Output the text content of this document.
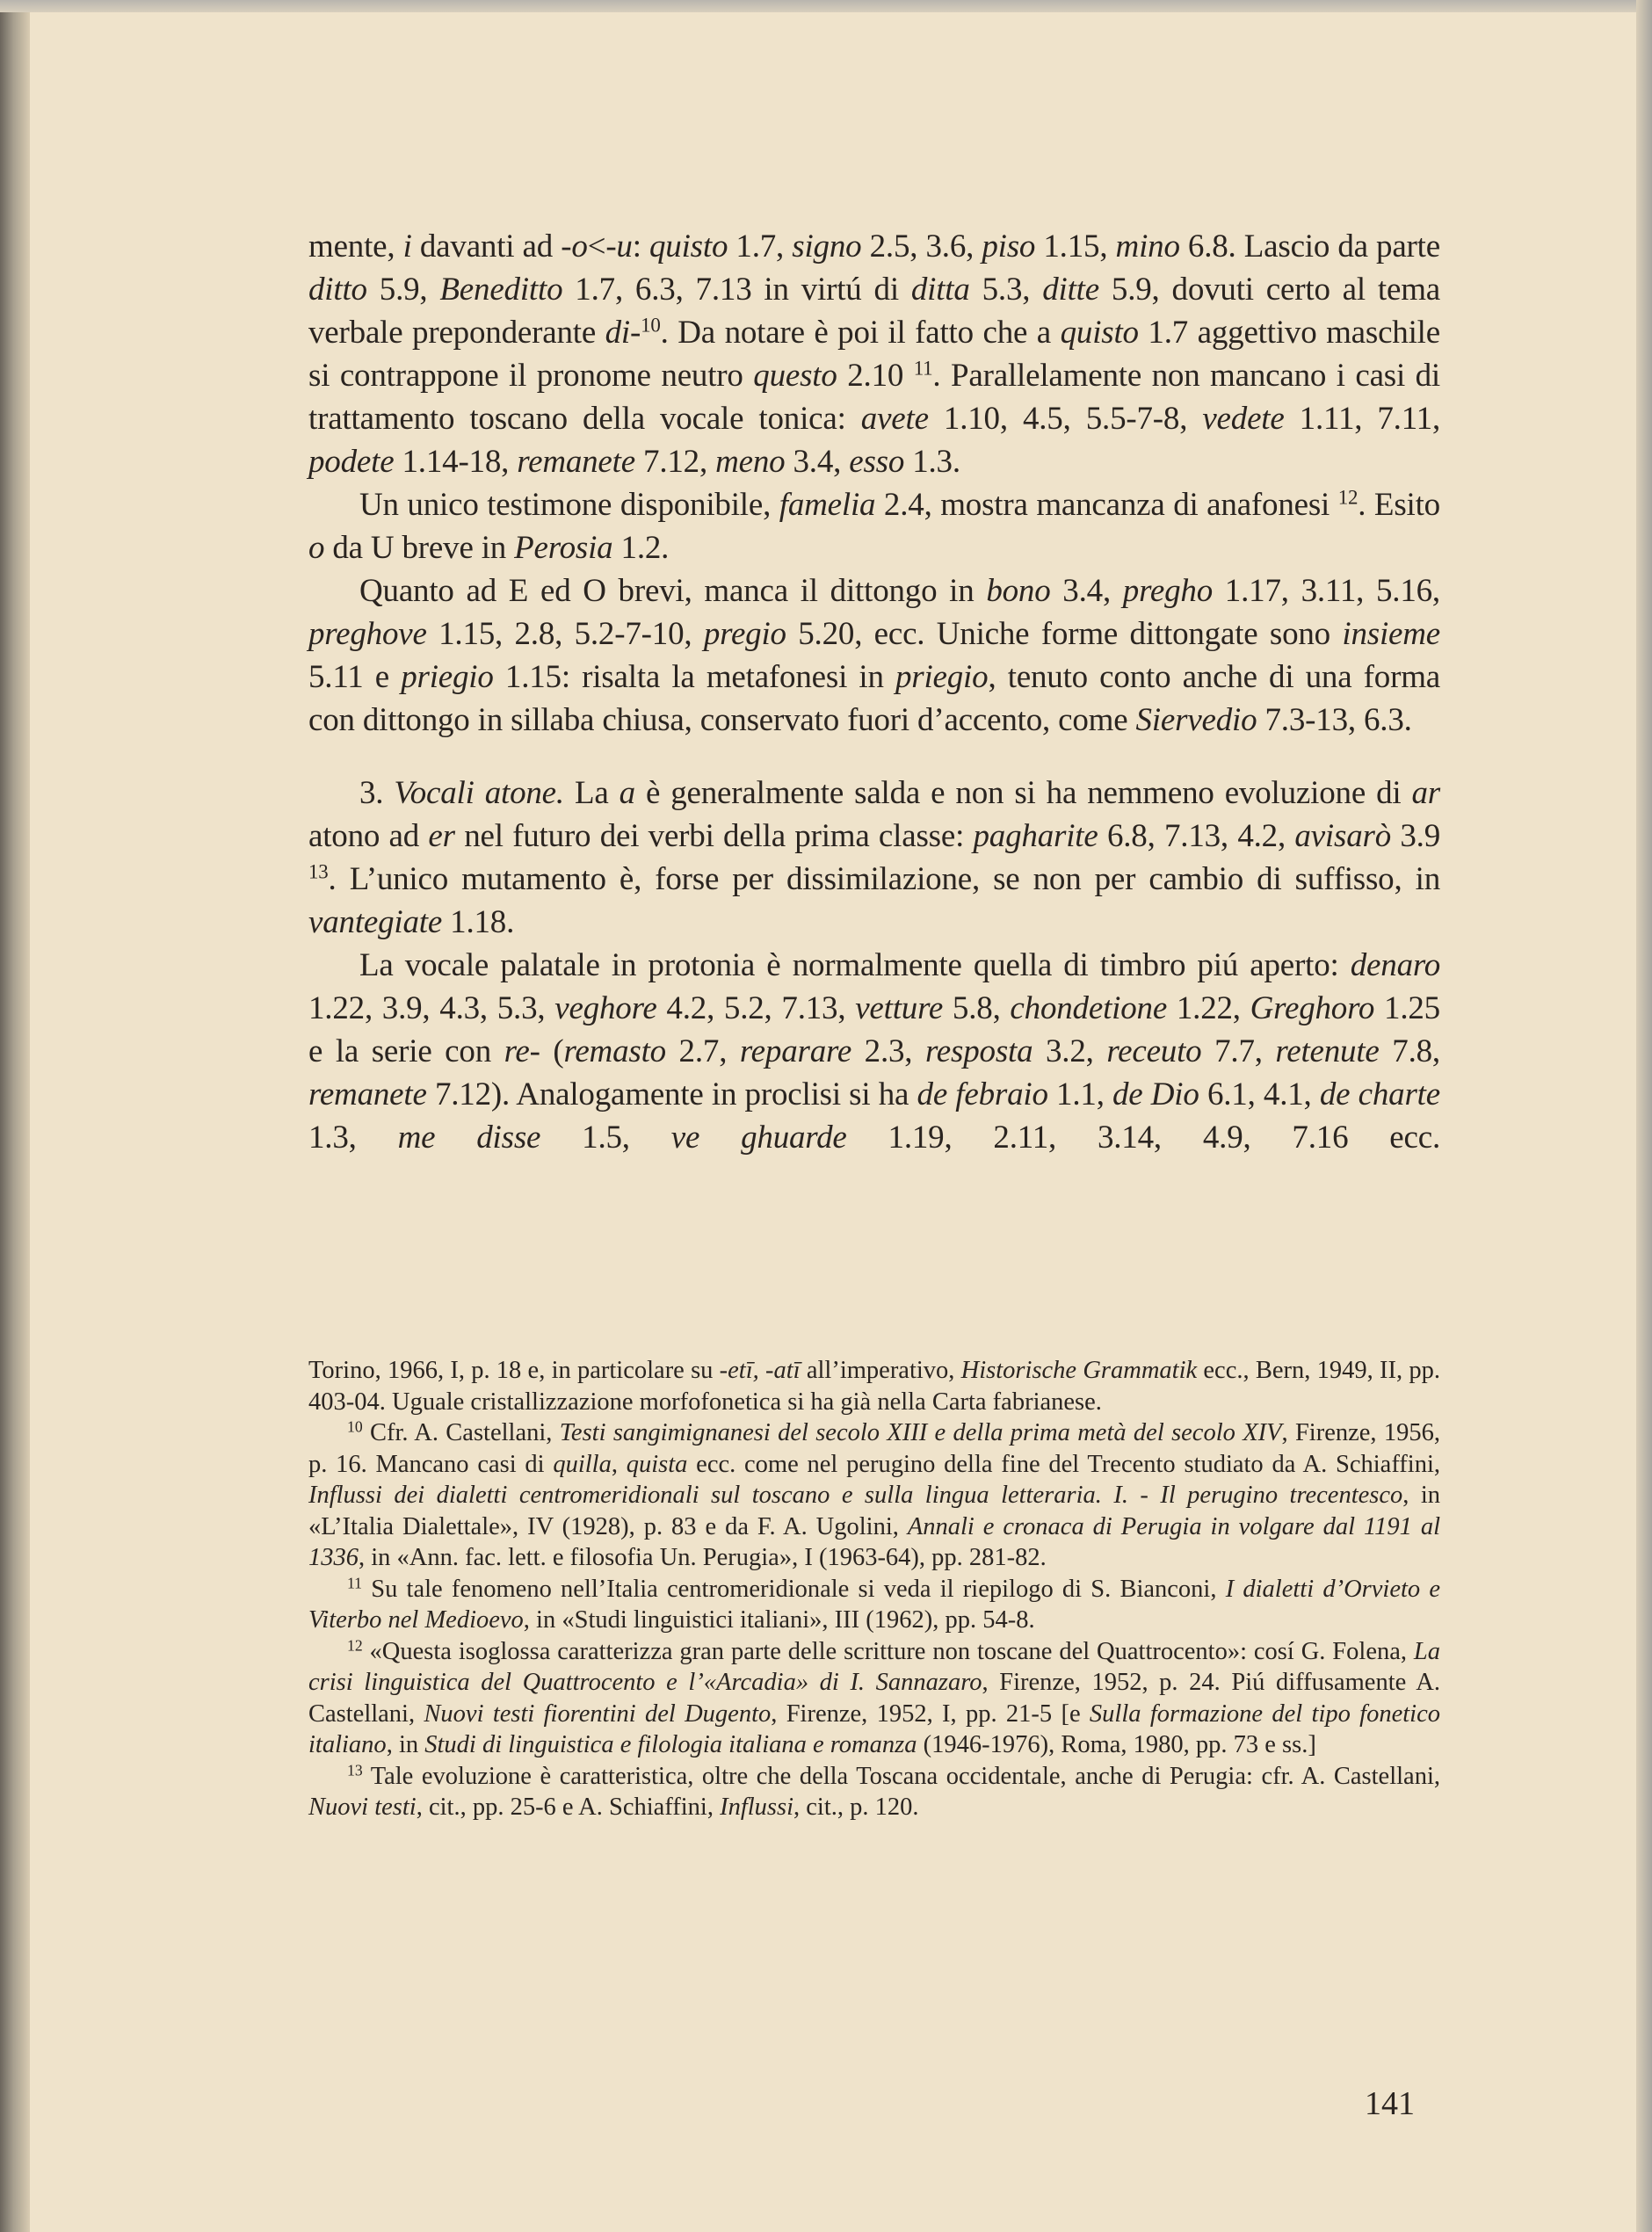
mente, i davanti ad -o<-u: quisto 1.7, signo 2.5, 3.6, piso 1.15, mino 6.8. Lascio da parte ditto 5.9, Beneditto 1.7, 6.3, 7.13 in virtú di ditta 5.3, ditte 5.9, dovuti certo al tema verbale preponderante di-$^{10}$. Da notare è poi il fatto che a quisto 1.7 aggettivo maschile si contrappone il pronome neutro questo 2.10 $^{11}$. Parallelamente non mancano i casi di trattamento toscano della vocale tonica: avete 1.10, 4.5, 5.5-7-8, vedete 1.11, 7.11, podete 1.14-18, remanete 7.12, meno 3.4, esso 1.3.

Un unico testimone disponibile, famelia 2.4, mostra mancanza di anafonesi $^{12}$. Esito o da U breve in Perosia 1.2.

Quanto ad E ed O brevi, manca il dittongo in bono 3.4, pregho 1.17, 3.11, 5.16, preghove 1.15, 2.8, 5.2-7-10, pregio 5.20, ecc. Uniche forme dittongate sono insieme 5.11 e priegio 1.15: risalta la metafonesi in priegio, tenuto conto anche di una forma con dittongo in sillaba chiusa, conservato fuori d’accento, come Siervedio 7.3-13, 6.3.

3. Vocali atone. La a è generalmente salda e non si ha nemmeno evoluzione di ar atono ad er nel futuro dei verbi della prima classe: pagharite 6.8, 7.13, 4.2, avisarò 3.9 $^{13}$. L’unico mutamento è, forse per dissimilazione, se non per cambio di suffisso, in vantegiate 1.18.

La vocale palatale in protonia è normalmente quella di timbro piú aperto: denaro 1.22, 3.9, 4.3, 5.3, veghore 4.2, 5.2, 7.13, vetture 5.8, chondetione 1.22, Greghoro 1.25 e la serie con re- (remasto 2.7, reparare 2.3, resposta 3.2, receuto 7.7, retenute 7.8, remanete 7.12). Analogamente in proclisi si ha de febraio 1.1, de Dio 6.1, 4.1, de charte 1.3, me disse 1.5, ve ghuarde 1.19, 2.11, 3.14, 4.9, 7.16 ecc.

Torino, 1966, I, p. 18 e, in particolare su -etī, -atī all’imperativo, Historische Grammatik ecc., Bern, 1949, II, pp. 403-04. Uguale cristallizzazione morfofonetica si ha già nella Carta fabrianese.

$^{10}$ Cfr. A. Castellani, Testi sangimignanesi del secolo XIII e della prima metà del secolo XIV, Firenze, 1956, p. 16. Mancano casi di quilla, quista ecc. come nel perugino della fine del Trecento studiato da A. Schiaffini, Influssi dei dialetti centromeridionali sul toscano e sulla lingua letteraria. I. - Il perugino trecentesco, in «L’Italia Dialettale», IV (1928), p. 83 e da F. A. Ugolini, Annali e cronaca di Perugia in volgare dal 1191 al 1336, in «Ann. fac. lett. e filosofia Un. Perugia», I (1963-64), pp. 281-82.

$^{11}$ Su tale fenomeno nell’Italia centromeridionale si veda il riepilogo di S. Bianconi, I dialetti d’Orvieto e Viterbo nel Medioevo, in «Studi linguistici italiani», III (1962), pp. 54-8.

$^{12}$ «Questa isoglossa caratterizza gran parte delle scritture non toscane del Quattrocento»: cosí G. Folena, La crisi linguistica del Quattrocento e l’«Arcadia» di I. Sannazaro, Firenze, 1952, p. 24. Piú diffusamente A. Castellani, Nuovi testi fiorentini del Dugento, Firenze, 1952, I, pp. 21-5 [e Sulla formazione del tipo fonetico italiano, in Studi di linguistica e filologia italiana e romanza (1946-1976), Roma, 1980, pp. 73 e ss.]

$^{13}$ Tale evoluzione è caratteristica, oltre che della Toscana occidentale, anche di Perugia: cfr. A. Castellani, Nuovi testi, cit., pp. 25-6 e A. Schiaffini, Influssi, cit., p. 120.

141
